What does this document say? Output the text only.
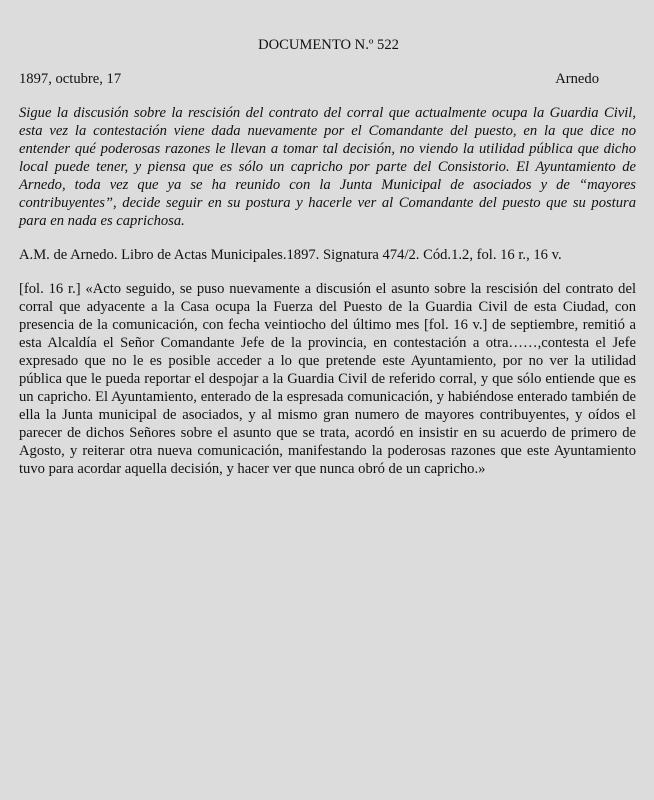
DOCUMENTO N.º 522
1897, octubre, 17	Arnedo

Sigue la discusión sobre la rescisión del contrato del corral que actualmente ocupa la Guardia Civil, esta vez la contestación viene dada nuevamente por el Comandante del puesto, en la que dice no entender qué poderosas razones le llevan a tomar tal decisión, no viendo la utilidad pública que dicho local puede tener, y piensa que es sólo un capricho por parte del Consistorio. El Ayuntamiento de Arnedo, toda vez que ya se ha reunido con la Junta Municipal de asociados y de “mayores contribuyentes”, decide seguir en su postura y hacerle ver al Comandante del puesto que su postura para en nada es caprichosa.

A.M. de Arnedo. Libro de Actas Municipales.1897. Signatura 474/2. Cód.1.2, fol. 16 r., 16 v.

[fol. 16 r.] «Acto seguido, se puso nuevamente a discusión el asunto sobre la rescisión del contrato del corral que adyacente a la Casa ocupa la Fuerza del Puesto de la Guardia Civil de esta Ciudad, con presencia de la comunicación, con fecha veintiocho del último mes [fol. 16 v.] de septiembre, remitió a esta Alcaldía el Señor Comandante Jefe de la provincia, en contestación a otra……,contesta el Jefe expresado que no le es posible acceder a lo que pretende este Ayuntamiento, por no ver la utilidad pública que le pueda reportar el despojar a la Guardia Civil de referido corral, y que sólo entiende que es un capricho. El Ayuntamiento, enterado de la espresada comunicación, y habiéndose enterado también de ella la Junta municipal de asociados, y al mismo gran numero de mayores contribuyentes, y oídos el parecer de dichos Señores sobre el asunto que se trata, acordó en insistir en su acuerdo de primero de Agosto, y reiterar otra nueva comunicación, manifestando la poderosas razones que este Ayuntamiento tuvo para acordar aquella decisión, y hacer ver que nunca obró de un capricho.»
